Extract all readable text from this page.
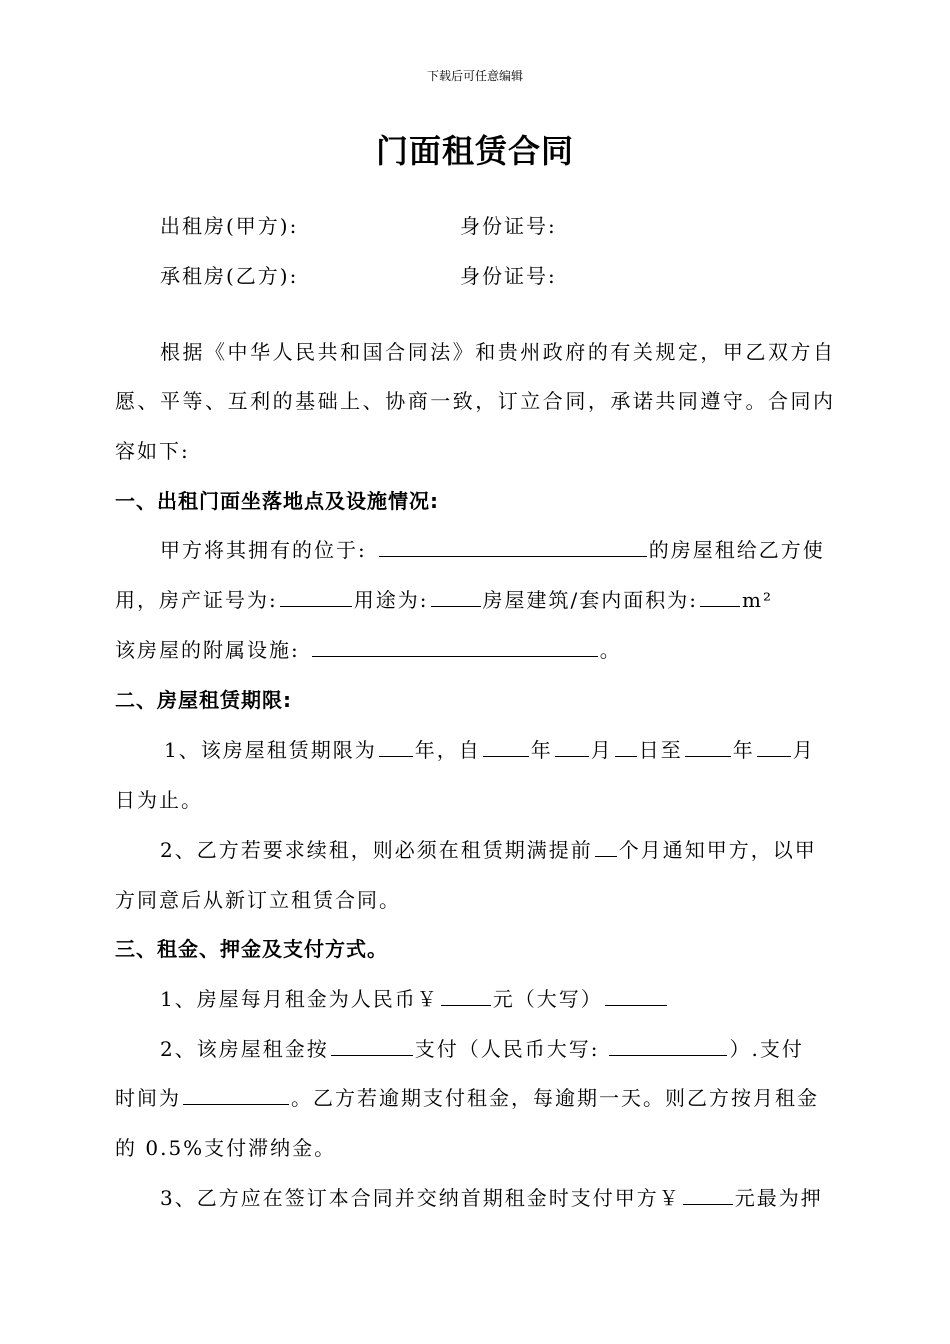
下载后可任意编辑
门面租赁合同
出租房(甲方):	身份证号:
承租房(乙方):	身份证号:
根据《中华人民共和国合同法》和贵州政府的有关规定，甲乙双方自
愿、平等、互利的基础上、协商一致，订立合同，承诺共同遵守。合同内
容如下:
一、出租门面坐落地点及设施情况:
甲方将其拥有的位于:	的房屋租给乙方使
用，房产证号为:	用途为:	房屋建筑/套内面积为: m²
该房屋的附属设施:	。
二、房屋租赁期限:
1、该房屋租赁期限为 年，自	年 月 日至	年 月
日为止。
2、乙方若要求续租，则必须在租赁期满提前 个月通知甲方，以甲
方同意后从新订立租赁合同。
三、租金、押金及支付方式。
1、房屋每月租金为人民币￥	元（大写）
2、该房屋租金按	支付（人民币大写:	）.支付
时间为	。乙方若逾期支付租金，每逾期一天。则乙方按月租金
的 0.5%支付滞纳金。
3、乙方应在签订本合同并交纳首期租金时支付甲方￥	元最为押
